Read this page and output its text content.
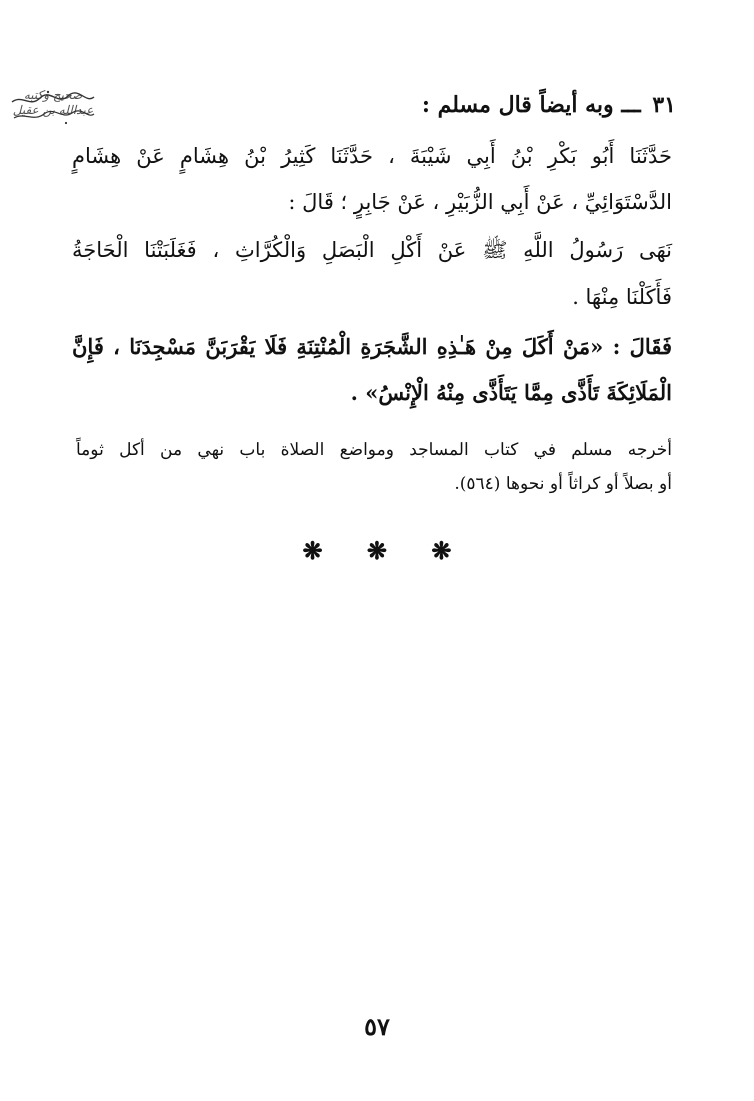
صحيح وكتبه عبدالله بن عقيل	٣١ ـــ وبه أيضاً قال مسلم :
حَدَّثَنَا أَبُو بَكْرِ بْنُ أَبِي شَيْبَةَ ، حَدَّثَنَا كَثِيرُ بْنُ هِشَامٍ عَنْ هِشَامٍ
الدَّسْتَوَائِيِّ ، عَنْ أَبِي الزُّبَيْرِ ، عَنْ جَابِرٍ ؛ قَالَ :
نَهَى رَسُولُ اللَّهِ ﷺ عَنْ أَكْلِ الْبَصَلِ وَالْكُرَّاثِ ، فَغَلَبَتْنَا الْحَاجَةُ
فَأَكَلْنَا مِنْهَا .
فَقَالَ : «مَنْ أَكَلَ مِنْ هَـٰذِهِ الشَّجَرَةِ الْمُنْتِنَةِ فَلَا يَقْرَبَنَّ مَسْجِدَنَا ، فَإِنَّ
الْمَلَائِكَةَ تَأَذَّى مِمَّا يَتَأَذَّى مِنْهُ الْإِنْسُ» .
أخرجه مسلم في كتاب المساجد ومواضع الصلاة باب نهي من أكل ثوماً
أو بصلاً أو كراثاً أو نحوها (٥٦٤).
❋ ❋ ❋
٥٧
